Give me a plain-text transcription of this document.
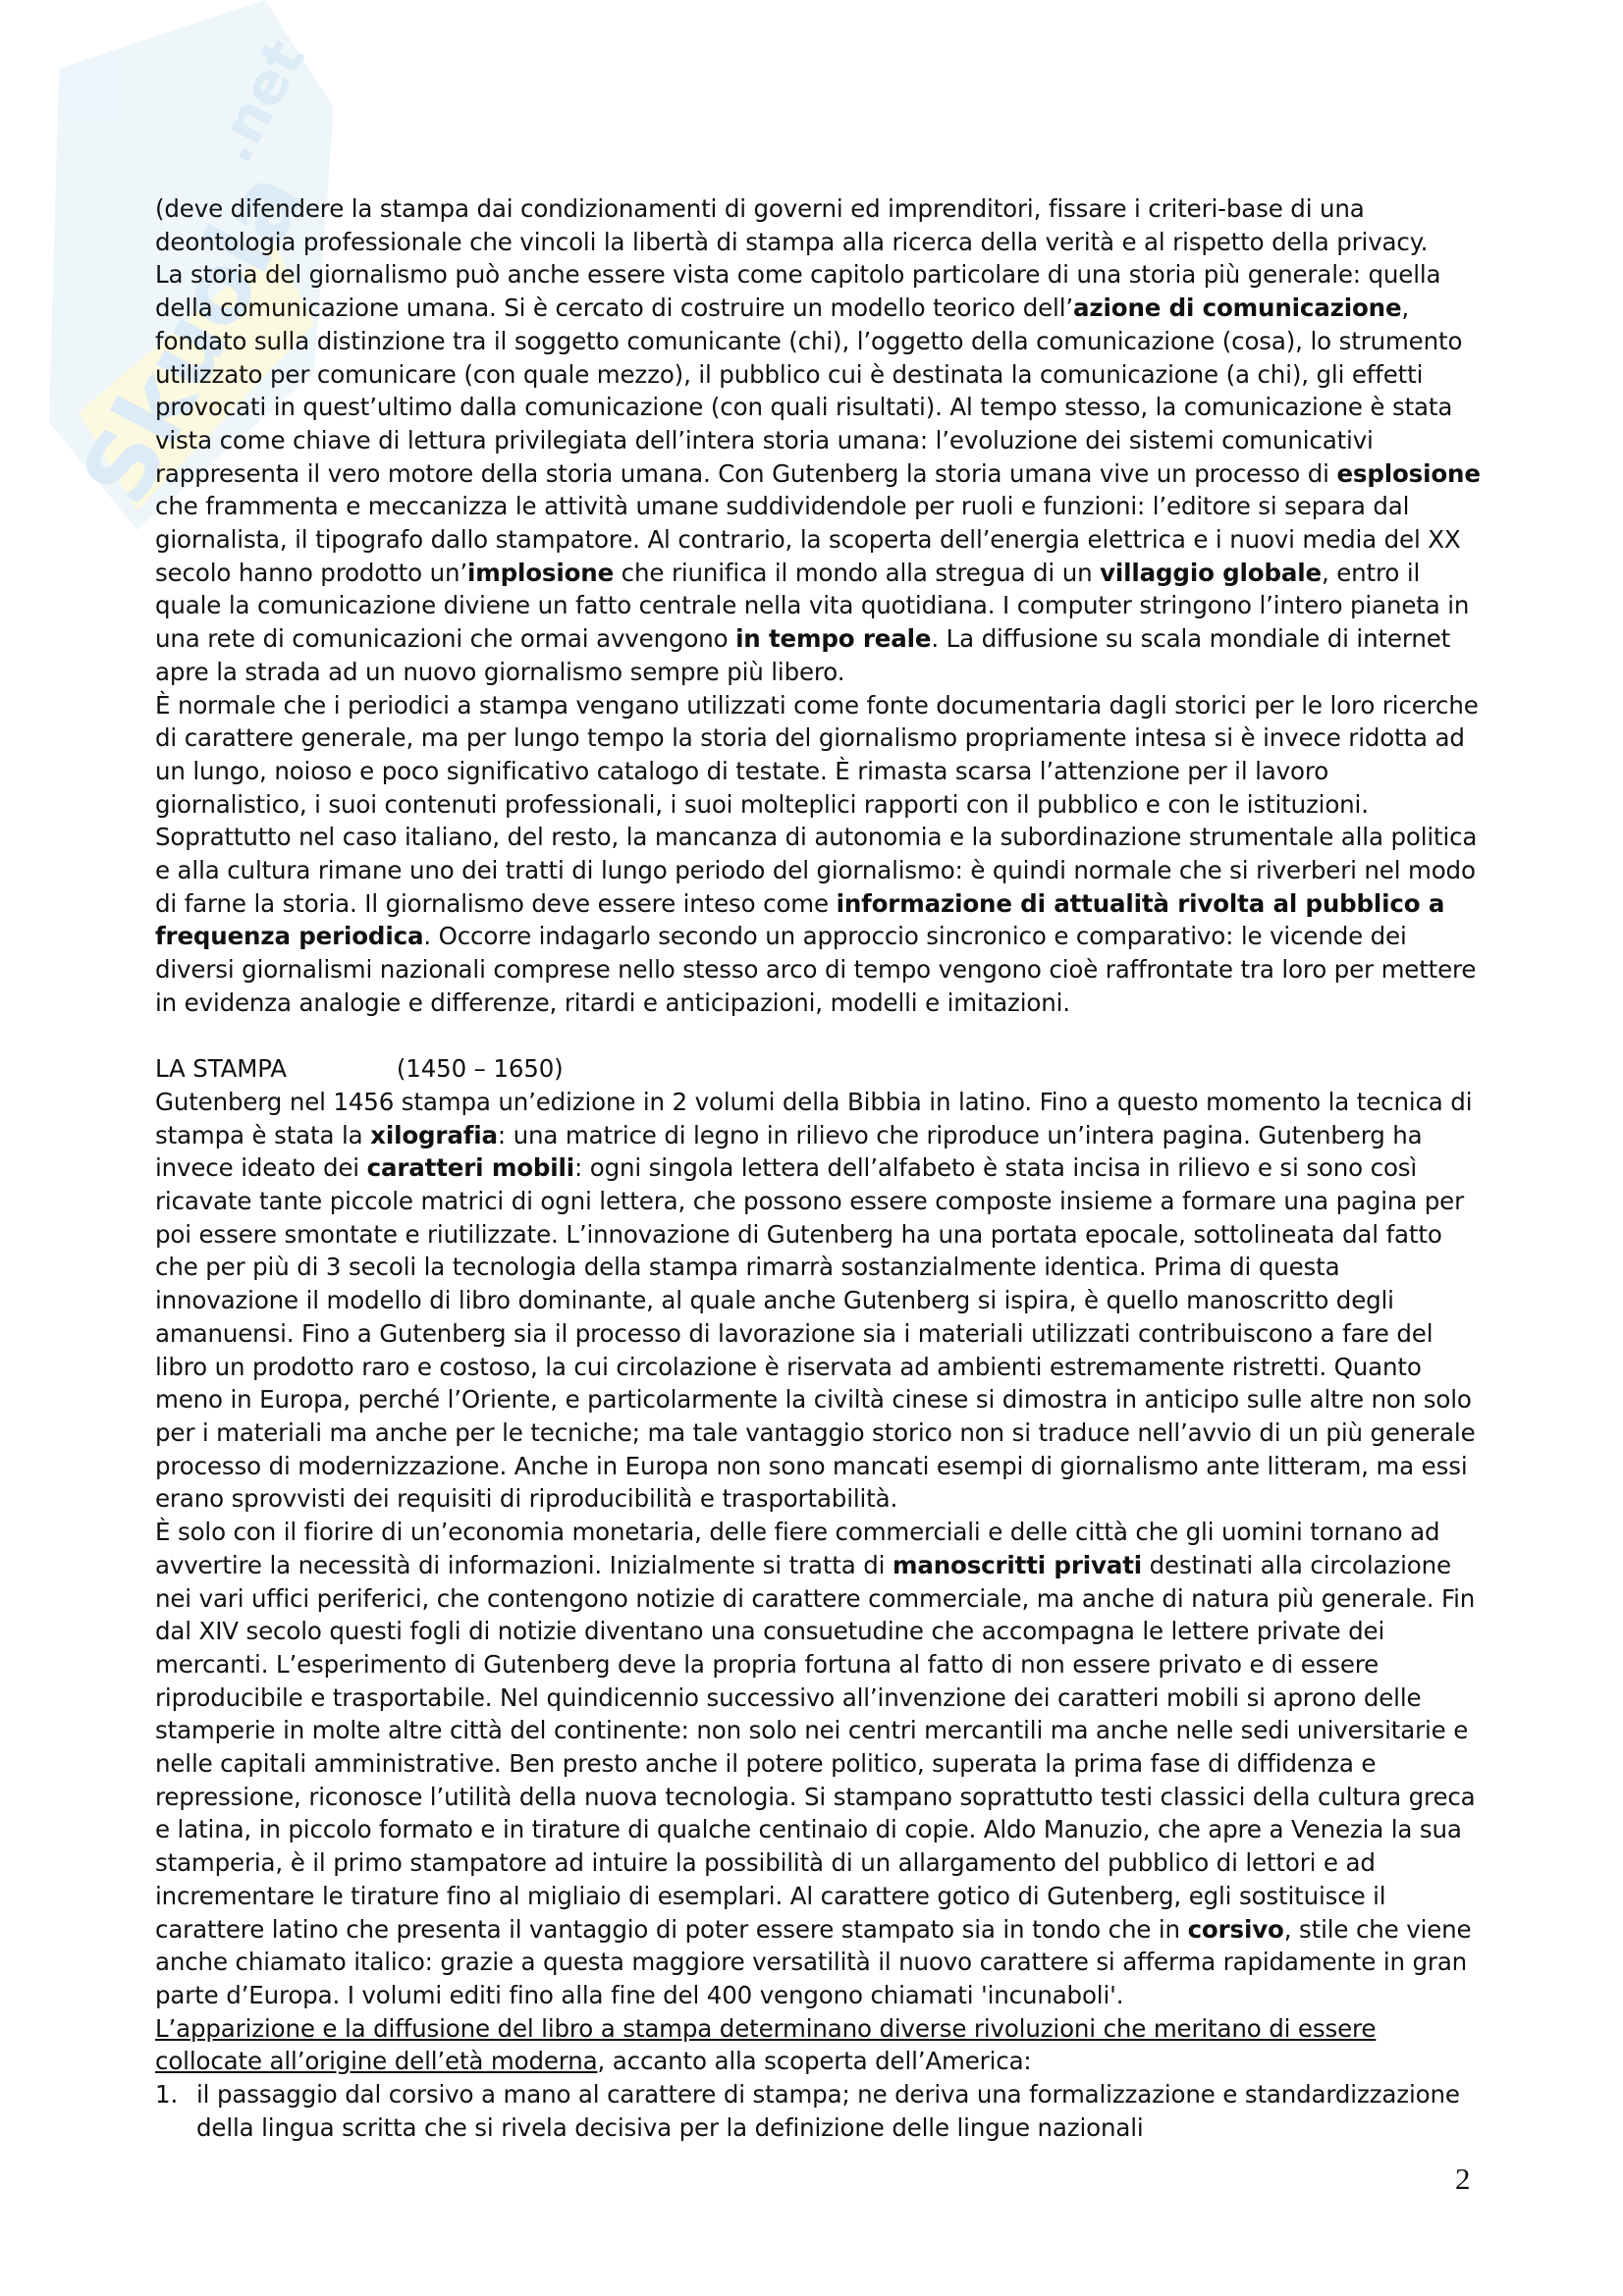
Skuola
.net

(deve difendere la stampa dai condizionamenti di governi ed imprenditori, fissare i criteri-base di una deontologia professionale che vincoli la libertà di stampa alla ricerca della verità e al rispetto della privacy.

La storia del giornalismo può anche essere vista come capitolo particolare di una storia più generale: quella della comunicazione umana. Si è cercato di costruire un modello teorico dell’azione di comunicazione, fondato sulla distinzione tra il soggetto comunicante (chi), l’oggetto della comunicazione (cosa), lo strumento utilizzato per comunicare (con quale mezzo), il pubblico cui è destinata la comunicazione (a chi), gli effetti provocati in quest’ultimo dalla comunicazione (con quali risultati). Al tempo stesso, la comunicazione è stata vista come chiave di lettura privilegiata dell’intera storia umana: l’evoluzione dei sistemi comunicativi rappresenta il vero motore della storia umana. Con Gutenberg la storia umana vive un processo di esplosione che frammenta e meccanizza le attività umane suddividendole per ruoli e funzioni: l’editore si separa dal giornalista, il tipografo dallo stampatore. Al contrario, la scoperta dell’energia elettrica e i nuovi media del XX secolo hanno prodotto un’implosione che riunifica il mondo alla stregua di un villaggio globale, entro il quale la comunicazione diviene un fatto centrale nella vita quotidiana. I computer stringono l’intero pianeta in una rete di comunicazioni che ormai avvengono in tempo reale. La diffusione su scala mondiale di internet apre la strada ad un nuovo giornalismo sempre più libero.

È normale che i periodici a stampa vengano utilizzati come fonte documentaria dagli storici per le loro ricerche di carattere generale, ma per lungo tempo la storia del giornalismo propriamente intesa si è invece ridotta ad un lungo, noioso e poco significativo catalogo di testate. È rimasta scarsa l’attenzione per il lavoro giornalistico, i suoi contenuti professionali, i suoi molteplici rapporti con il pubblico e con le istituzioni. Soprattutto nel caso italiano, del resto, la mancanza di autonomia e la subordinazione strumentale alla politica e alla cultura rimane uno dei tratti di lungo periodo del giornalismo: è quindi normale che si riverberi nel modo di farne la storia. Il giornalismo deve essere inteso come informazione di attualità rivolta al pubblico a frequenza periodica. Occorre indagarlo secondo un approccio sincronico e comparativo: le vicende dei diversi giornalismi nazionali comprese nello stesso arco di tempo vengono cioè raffrontate tra loro per mettere in evidenza analogie e differenze, ritardi e anticipazioni, modelli e imitazioni.

LA STAMPA	(1450 – 1650)

Gutenberg nel 1456 stampa un’edizione in 2 volumi della Bibbia in latino. Fino a questo momento la tecnica di stampa è stata la xilografia: una matrice di legno in rilievo che riproduce un’intera pagina. Gutenberg ha invece ideato dei caratteri mobili: ogni singola lettera dell’alfabeto è stata incisa in rilievo e si sono così ricavate tante piccole matrici di ogni lettera, che possono essere composte insieme a formare una pagina per poi essere smontate e riutilizzate. L’innovazione di Gutenberg ha una portata epocale, sottolineata dal fatto che per più di 3 secoli la tecnologia della stampa rimarrà sostanzialmente identica. Prima di questa innovazione il modello di libro dominante, al quale anche Gutenberg si ispira, è quello manoscritto degli amanuensi. Fino a Gutenberg sia il processo di lavorazione sia i materiali utilizzati contribuiscono a fare del libro un prodotto raro e costoso, la cui circolazione è riservata ad ambienti estremamente ristretti. Quanto meno in Europa, perché l’Oriente, e particolarmente la civiltà cinese si dimostra in anticipo sulle altre non solo per i materiali ma anche per le tecniche; ma tale vantaggio storico non si traduce nell’avvio di un più generale processo di modernizzazione. Anche in Europa non sono mancati esempi di giornalismo ante litteram, ma essi erano sprovvisti dei requisiti di riproducibilità e trasportabilità.

È solo con il fiorire di un’economia monetaria, delle fiere commerciali e delle città che gli uomini tornano ad avvertire la necessità di informazioni. Inizialmente si tratta di manoscritti privati destinati alla circolazione nei vari uffici periferici, che contengono notizie di carattere commerciale, ma anche di natura più generale. Fin dal XIV secolo questi fogli di notizie diventano una consuetudine che accompagna le lettere private dei mercanti. L’esperimento di Gutenberg deve la propria fortuna al fatto di non essere privato e di essere riproducibile e trasportabile. Nel quindicennio successivo all’invenzione dei caratteri mobili si aprono delle stamperie in molte altre città del continente: non solo nei centri mercantili ma anche nelle sedi universitarie e nelle capitali amministrative. Ben presto anche il potere politico, superata la prima fase di diffidenza e repressione, riconosce l’utilità della nuova tecnologia. Si stampano soprattutto testi classici della cultura greca e latina, in piccolo formato e in tirature di qualche centinaio di copie. Aldo Manuzio, che apre a Venezia la sua stamperia, è il primo stampatore ad intuire la possibilità di un allargamento del pubblico di lettori e ad incrementare le tirature fino al migliaio di esemplari. Al carattere gotico di Gutenberg, egli sostituisce il carattere latino che presenta il vantaggio di poter essere stampato sia in tondo che in corsivo, stile che viene anche chiamato italico: grazie a questa maggiore versatilità il nuovo carattere si afferma rapidamente in gran parte d’Europa. I volumi editi fino alla fine del 400 vengono chiamati 'incunaboli'.

L’apparizione e la diffusione del libro a stampa determinano diverse rivoluzioni che meritano di essere collocate all’origine dell’età moderna, accanto alla scoperta dell’America:

1. il passaggio dal corsivo a mano al carattere di stampa; ne deriva una formalizzazione e standardizzazione della lingua scritta che si rivela decisiva per la definizione delle lingue nazionali
2
